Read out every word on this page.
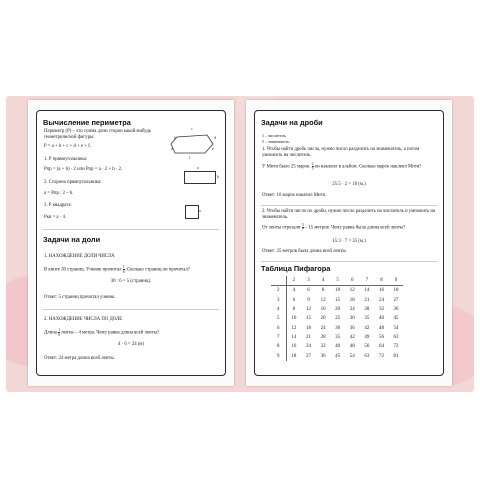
Вычисление периметра
Периметр (Р) – это сумма длин сторон какой-нибудь геометрической фигуры:
c
b	d
a
f
e
P = a + b + c + d + e + f.
1. Р прямоугольника:
Pпр = (a + b) · 2 или Pпр = a · 2 + b · 2.	a
b
2. Сторона прямоугольника:
a = Pпр : 2 – b.
3. Р квадрата:
Pкв = a · 4.
a
Задачи на доли
1. НАХОЖДЕНИЕ ДОЛИ ЧИСЛА
В книге 30 страниц. Ученик прочитал $\frac{1}{6}$ . Сколько страниц он прочитал?
30 : 6 = 5 (страниц).
Ответ: 5 страниц прочитал ученик.
2. НАХОЖДЕНИЕ ЧИСЛА ПО ДОЛЕ
Длина $\frac{1}{6}$ ленты – 4 метра. Чему равна длина всей ленты?
4 · 6 = 24 (м)
Ответ: 24 метра длина всей ленты.
Задачи на дроби
1 – числитель.
5 – знаменатель.
1. Чтобы найти дробь числа, нужно число разделить на знаменатель, а потом умножить на числитель.
У Мити было 25 марок. $\frac{2}{5}$ он наклеил в альбом. Сколько марок наклеил Митя?
25:5 · 2 = 10 (м.)
Ответ: 10 марок наклеил Митя.
2. Чтобы найти число по дроби, нужно число разделить на числитель и умножить на знаменатель.
От ленты отрезали $\frac{3}{7} - 15$ метров. Чему равна была длина всей ленты?
15:3 · 7 = 35 (м.)
Ответ: 35 метров была длина всей ленты.
Таблица Пифагора
	2	3	4	5	6	7	8	9
2	4	6	8	10	12	14	16	18
3	6	9	12	15	18	21	24	27
4	8	12	16	20	24	28	32	36
5	10	15	20	25	30	35	40	45
6	12	18	24	30	36	42	48	54
7	14	21	28	35	42	49	56	63
8	16	24	32	40	48	56	64	72
9	18	27	36	45	54	63	72	81
